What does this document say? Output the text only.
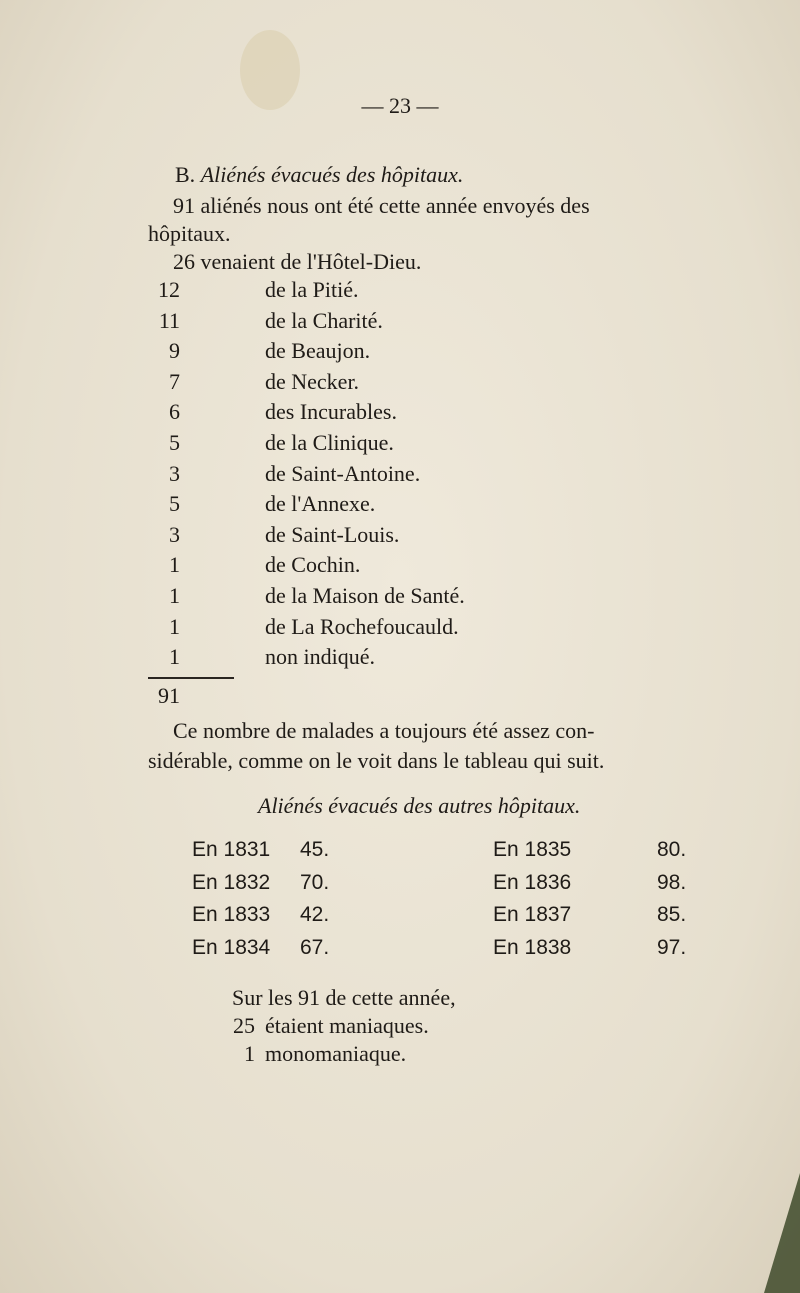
— 23 —
B. Aliénés évacués des hôpitaux.
91 aliénés nous ont été cette année envoyés des
hôpitaux.
26 venaient de l'Hôtel-Dieu.
12	de la Pitié.
11	de la Charité.
9	de Beaujon.
7	de Necker.
6	des Incurables.
5	de la Clinique.
3	de Saint-Antoine.
5	de l'Annexe.
3	de Saint-Louis.
1	de Cochin.
1	de la Maison de Santé.
1	de La Rochefoucauld.
1	non indiqué.
91
Ce nombre de malades a toujours été assez con-
sidérable, comme on le voit dans le tableau qui suit.
Aliénés évacués des autres hôpitaux.
En 1831 45.	En 1835	80.
En 1832 70.	En 1836	98.
En 1833 42.	En 1837	85.
En 1834 67.	En 1838	97.
Sur les 91 de cette année,
25 étaient maniaques.
1 monomaniaque.
